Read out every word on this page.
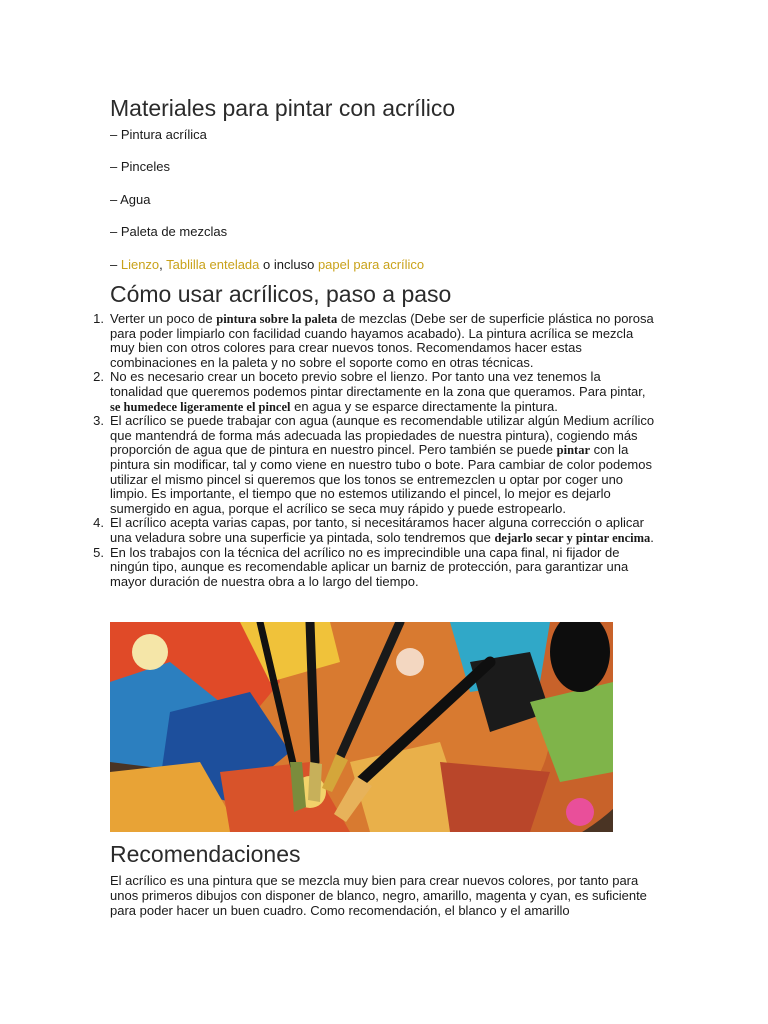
Materiales para pintar con acrílico
– Pintura acrílica
– Pinceles
– Agua
– Paleta de mezclas
– Lienzo, Tablilla entelada o incluso papel para acrílico
Cómo usar acrílicos, paso a paso
1. Verter un poco de pintura sobre la paleta de mezclas (Debe ser de superficie plástica no porosa para poder limpiarlo con facilidad cuando hayamos acabado). La pintura acrílica se mezcla muy bien con otros colores para crear nuevos tonos. Recomendamos hacer estas combinaciones en la paleta y no sobre el soporte como en otras técnicas.
2. No es necesario crear un boceto previo sobre el lienzo. Por tanto una vez tenemos la tonalidad que queremos podemos pintar directamente en la zona que queramos. Para pintar, se humedece ligeramente el pincel en agua y se esparce directamente la pintura.
3. El acrílico se puede trabajar con agua (aunque es recomendable utilizar algún Medium acrílico que mantendrá de forma más adecuada las propiedades de nuestra pintura), cogiendo más proporción de agua que de pintura en nuestro pincel. Pero también se puede pintar con la pintura sin modificar, tal y como viene en nuestro tubo o bote. Para cambiar de color podemos utilizar el mismo pincel si queremos que los tonos se entremezclen u optar por coger uno limpio. Es importante, el tiempo que no estemos utilizando el pincel, lo mejor es dejarlo sumergido en agua, porque el acrílico se seca muy rápido y puede estropearlo.
4. El acrílico acepta varias capas, por tanto, si necesitáramos hacer alguna corrección o aplicar una veladura sobre una superficie ya pintada, solo tendremos que dejarlo secar y pintar encima.
5. En los trabajos con la técnica del acrílico no es imprecindible una capa final, ni fijador de ningún tipo, aunque es recomendable aplicar un barniz de protección, para garantizar una mayor duración de nuestra obra a lo largo del tiempo.
Recomendaciones

El acrílico es una pintura que se mezcla muy bien para crear nuevos colores, por tanto para unos primeros dibujos con disponer de blanco, negro, amarillo, magenta y cyan, es suficiente para poder hacer un buen cuadro. Como recomendación, el blanco y el amarillo
